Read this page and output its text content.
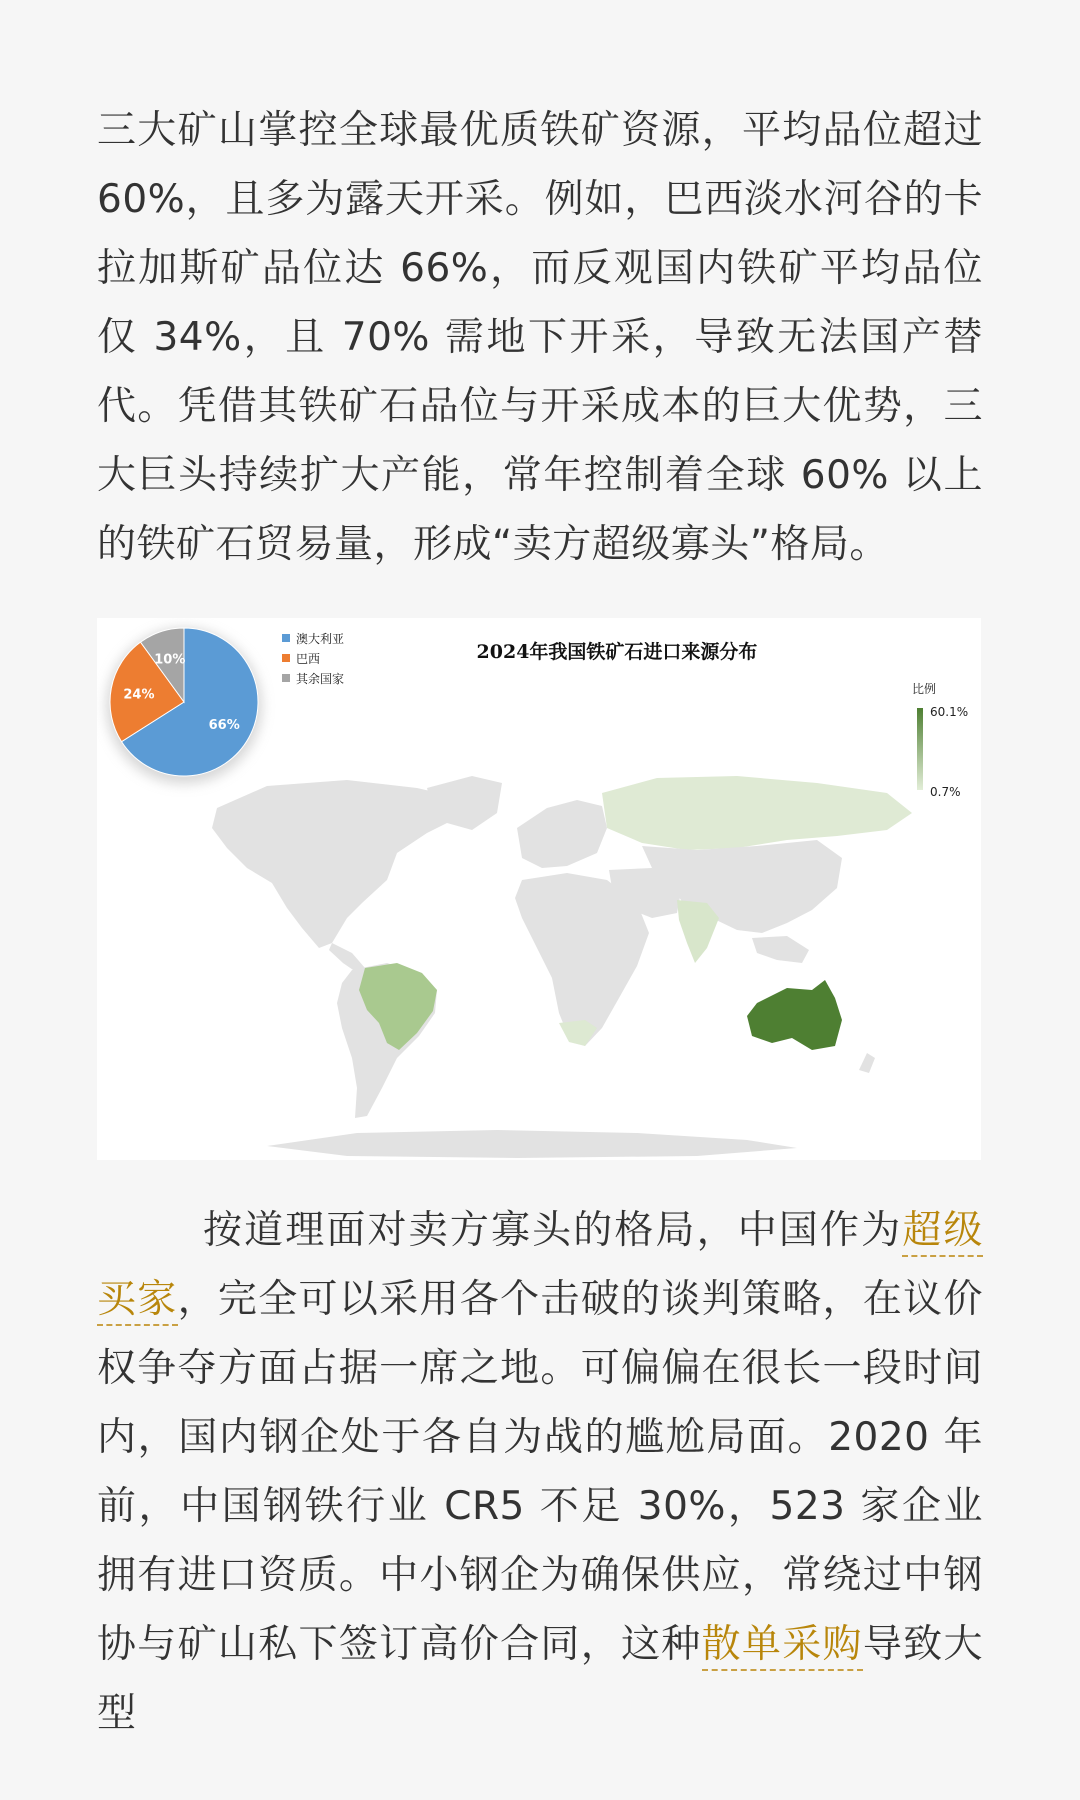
三大矿山掌控全球最优质铁矿资源，平均品位超过60%，且多为露天开采。例如，巴西淡水河谷的卡拉加斯矿品位达 66%，而反观国内铁矿平均品位仅 34%，且 70% 需地下开采，导致无法国产替代。凭借其铁矿石品位与开采成本的巨大优势，三大巨头持续扩大产能，常年控制着全球 60% 以上的铁矿石贸易量，形成“卖方超级寡头”格局。

按道理面对卖方寡头的格局，中国作为超级买家，完全可以采用各个击破的谈判策略，在议价权争夺方面占据一席之地。可偏偏在很长一段时间内，国内钢企处于各自为战的尴尬局面。2020 年前，中国钢铁行业 CR5 不足 30%，523 家企业拥有进口资质。中小钢企为确保供应，常绕过中钢协与矿山私下签订高价合同，这种散单采购导致大型

66%
24%
10%
澳大利亚
巴西
其余国家
2024年我国铁矿石进口来源分布
比例
60.1%
0.7%
